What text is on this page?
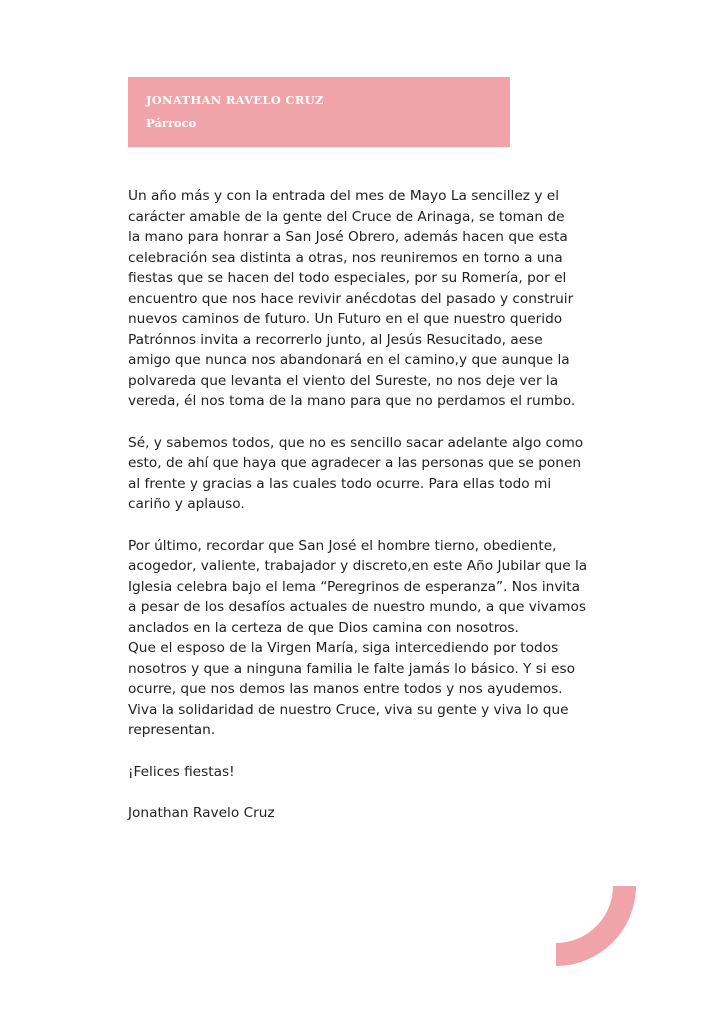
JONATHAN RAVELO CRUZ
Párroco
Un año más y con la entrada del mes de Mayo La sencillez y el
carácter amable de la gente del Cruce de Arinaga, se toman de
la mano para honrar a San José Obrero, además hacen que esta
celebración sea distinta a otras, nos reuniremos en torno a una
fiestas que se hacen del todo especiales, por su Romería, por el
encuentro que nos hace revivir anécdotas del pasado y construir
nuevos caminos de futuro. Un Futuro en el que nuestro querido
Patrónnos invita a recorrerlo junto, al Jesús Resucitado, aese
amigo que nunca nos abandonará en el camino,y que aunque la
polvareda que levanta el viento del Sureste, no nos deje ver la
vereda, él nos toma de la mano para que no perdamos el rumbo.
Sé, y sabemos todos, que no es sencillo sacar adelante algo como
esto, de ahí que haya que agradecer a las personas que se ponen
al frente y gracias a las cuales todo ocurre. Para ellas todo mi
cariño y aplauso.
Por último, recordar que San José el hombre tierno, obediente,
acogedor, valiente, trabajador y discreto,en este Año Jubilar que la
Iglesia celebra bajo el lema “Peregrinos de esperanza”. Nos invita
a pesar de los desafíos actuales de nuestro mundo, a que vivamos
anclados en la certeza de que Dios camina con nosotros.
Que el esposo de la Virgen María, siga intercediendo por todos
nosotros y que a ninguna familia le falte jamás lo básico. Y si eso
ocurre, que nos demos las manos entre todos y nos ayudemos.
Viva la solidaridad de nuestro Cruce, viva su gente y viva lo que
representan.
¡Felices fiestas!
Jonathan Ravelo Cruz
